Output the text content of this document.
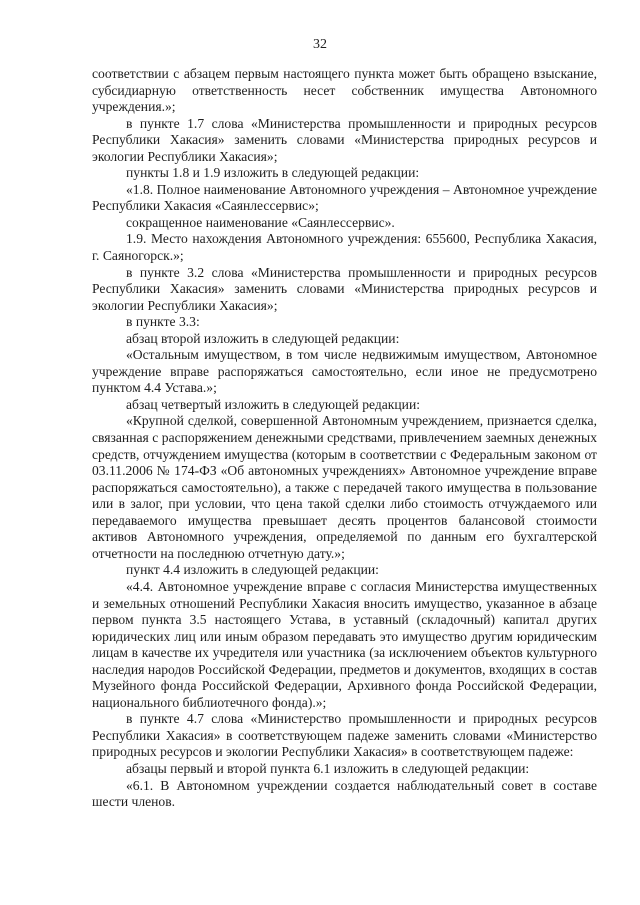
32

соответствии с абзацем первым настоящего пункта может быть обращено взыскание, субсидиарную ответственность несет собственник имущества Автономного учреждения.»;

в пункте 1.7 слова «Министерства промышленности и природных ресурсов Республики Хакасия» заменить словами «Министерства природных ресурсов и экологии Республики Хакасия»;

пункты 1.8 и 1.9 изложить в следующей редакции:

«1.8. Полное наименование Автономного учреждения – Автономное учреждение Республики Хакасия «Саянлессервис»;

сокращенное наименование «Саянлессервис».

1.9. Место нахождения Автономного учреждения: 655600, Республика Хакасия, г. Саяногорск.»;

в пункте 3.2 слова «Министерства промышленности и природных ресурсов Республики Хакасия» заменить словами «Министерства природных ресурсов и экологии Республики Хакасия»;

в пункте 3.3:

абзац второй изложить в следующей редакции:

«Остальным имуществом, в том числе недвижимым имуществом, Автономное учреждение вправе распоряжаться самостоятельно, если иное не предусмотрено пунктом 4.4 Устава.»;

абзац четвертый изложить в следующей редакции:

«Крупной сделкой, совершенной Автономным учреждением, признается сделка, связанная с распоряжением денежными средствами, привлечением заемных денежных средств, отчуждением имущества (которым в соответствии с Федеральным законом от 03.11.2006 № 174-ФЗ «Об автономных учреждениях» Автономное учреждение вправе распоряжаться самостоятельно), а также с передачей такого имущества в пользование или в залог, при условии, что цена такой сделки либо стоимость отчуждаемого или передаваемого имущества превышает десять процентов балансовой стоимости активов Автономного учреждения, определяемой по данным его бухгалтерской отчетности на последнюю отчетную дату.»;

пункт 4.4 изложить в следующей редакции:

«4.4. Автономное учреждение вправе с согласия Министерства имущественных и земельных отношений Республики Хакасия вносить имущество, указанное в абзаце первом пункта 3.5 настоящего Устава, в уставный (складочный) капитал других юридических лиц или иным образом передавать это имущество другим юридическим лицам в качестве их учредителя или участника (за исключением объектов культурного наследия народов Российской Федерации, предметов и документов, входящих в состав Музейного фонда Российской Федерации, Архивного фонда Российской Федерации, национального библиотечного фонда).»;

в пункте 4.7 слова «Министерство промышленности и природных ресурсов Республики Хакасия» в соответствующем падеже заменить словами «Министерство природных ресурсов и экологии Республики Хакасия» в соответствующем падеже:

абзацы первый и второй пункта 6.1 изложить в следующей редакции:

«6.1. В Автономном учреждении создается наблюдательный совет в составе шести членов.
